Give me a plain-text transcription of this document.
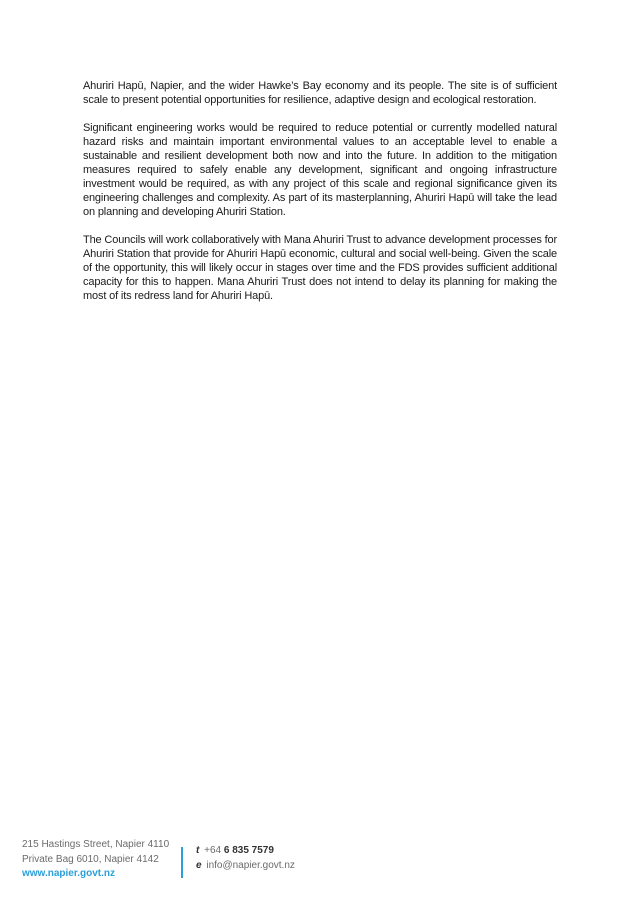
Ahuriri Hapū, Napier, and the wider Hawke’s Bay economy and its people. The site is of sufficient scale to present potential opportunities for resilience, adaptive design and ecological restoration.

Significant engineering works would be required to reduce potential or currently modelled natural hazard risks and maintain important environmental values to an acceptable level to enable a sustainable and resilient development both now and into the future. In addition to the mitigation measures required to safely enable any development, significant and ongoing infrastructure investment would be required, as with any project of this scale and regional significance given its engineering challenges and complexity. As part of its masterplanning, Ahuriri Hapū will take the lead on planning and developing Ahuriri Station.

The Councils will work collaboratively with Mana Ahuriri Trust to advance development processes for Ahuriri Station that provide for Ahuriri Hapū economic, cultural and social well-being. Given the scale of the opportunity, this will likely occur in stages over time and the FDS provides sufficient additional capacity for this to happen. Mana Ahuriri Trust does not intend to delay its planning for making the most of its redress land for Ahuriri Hapū.

215 Hastings Street, Napier 4110
Private Bag 6010, Napier 4142
www.napier.govt.nz
t +64 6 835 7579
e info@napier.govt.nz
